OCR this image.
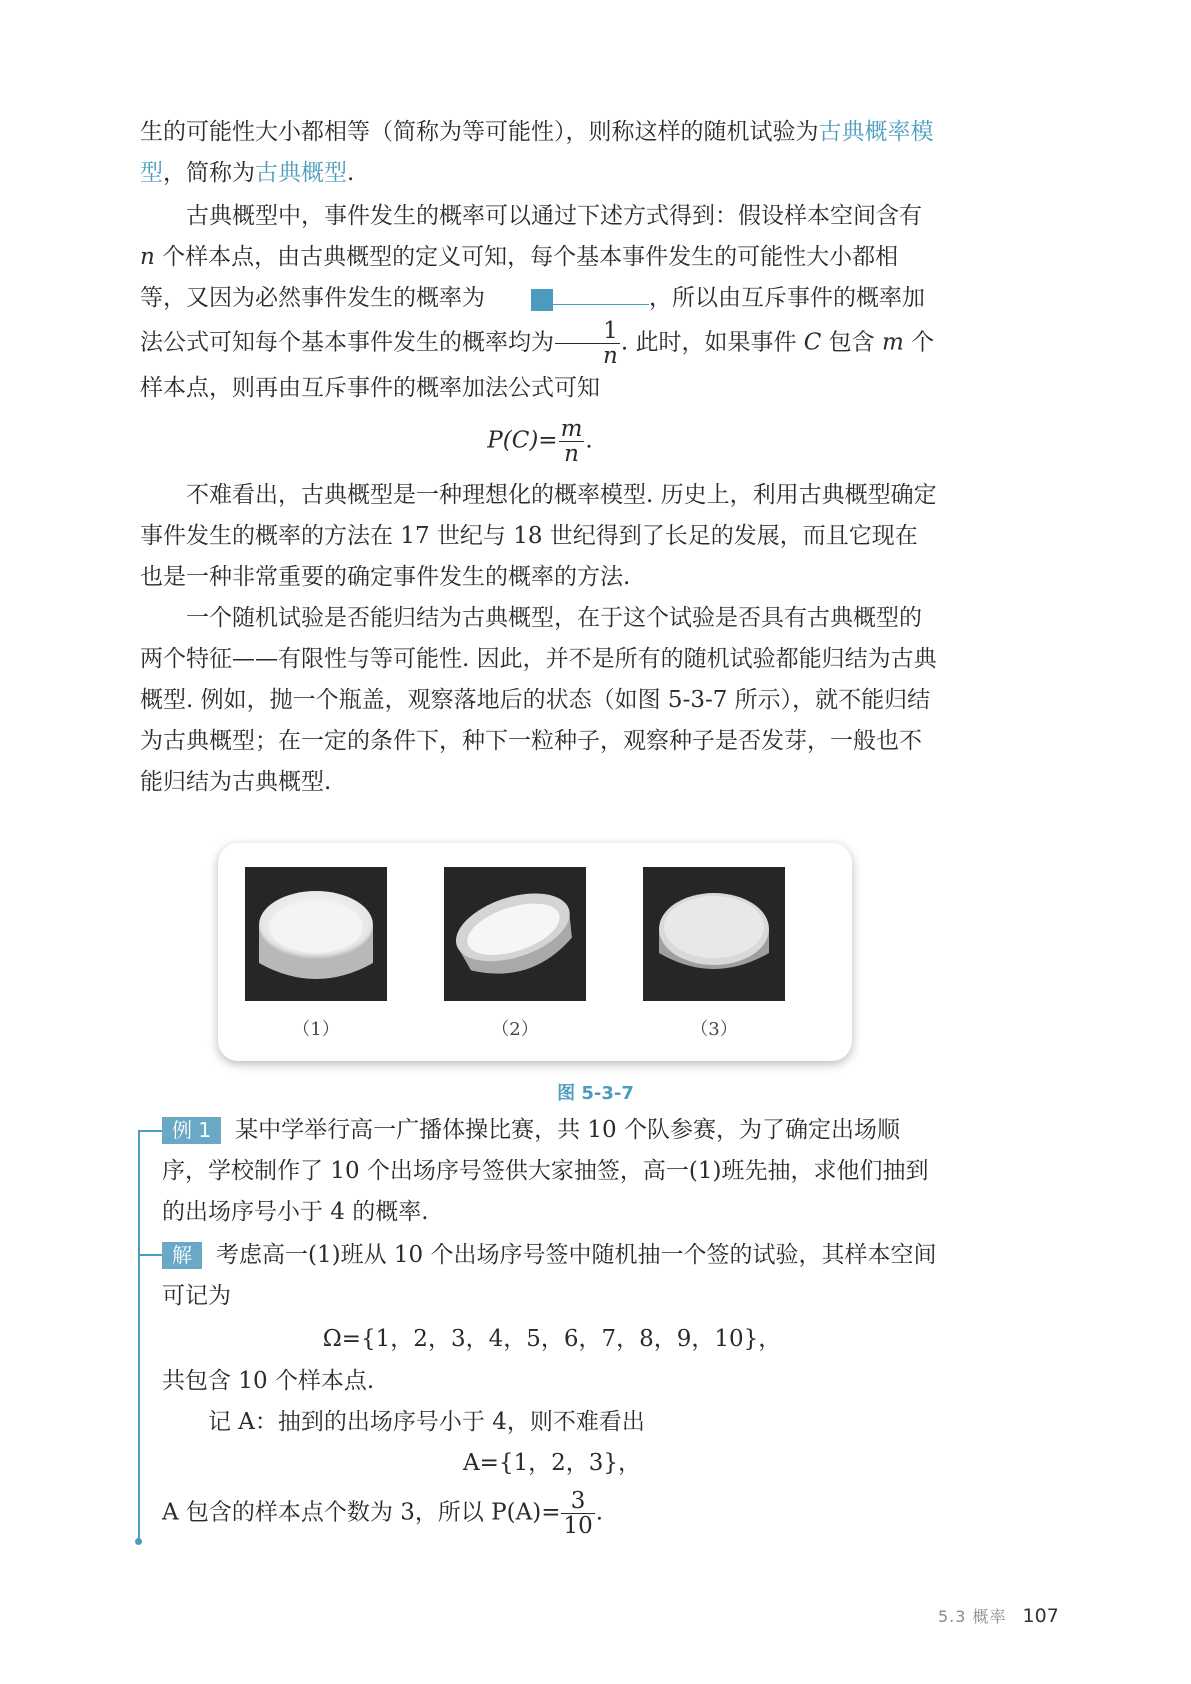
生的可能性大小都相等（简称为等可能性），则称这样的随机试验为古典概率模型，简称为古典概型.

古典概型中，事件发生的概率可以通过下述方式得到：假设样本空间含有 n 个样本点，由古典概型的定义可知，每个基本事件发生的可能性大小都相等，又因为必然事件发生的概率为	3	，所以由互斥事件的概率加法公式可知每个基本事件发生的概率均为 $\frac{1}{n}$ . 此时，如果事件 C 包含 m 个样本点，则再由互斥事件的概率加法公式可知

$P(C)= \frac{m}{n}$ .

不难看出，古典概型是一种理想化的概率模型. 历史上，利用古典概型确定事件发生的概率的方法在 17 世纪与 18 世纪得到了长足的发展，而且它现在也是一种非常重要的确定事件发生的概率的方法.

一个随机试验是否能归结为古典概型，在于这个试验是否具有古典概型的两个特征——有限性与等可能性. 因此，并不是所有的随机试验都能归结为古典概型. 例如，抛一个瓶盖，观察落地后的状态（如图 5-3-7 所示），就不能归结为古典概型；在一定的条件下，种下一粒种子，观察种子是否发芽，一般也不能归结为古典概型.

（1）	（2）	（3）
图 5-3-7

例 1 某中学举行高一广播体操比赛，共 10 个队参赛，为了确定出场顺序，学校制作了 10 个出场序号签供大家抽签，高一(1)班先抽，求他们抽到的出场序号小于 4 的概率.

解 考虑高一(1)班从 10 个出场序号签中随机抽一个签的试验，其样本空间可记为

Ω={1，2，3，4，5，6，7，8，9，10}，

共包含 10 个样本点.

记 A：抽到的出场序号小于 4，则不难看出

A={1，2，3}，

A 包含的样本点个数为 3，所以 $P(A)= \frac{3}{10}$ .

5.3 概率 107
